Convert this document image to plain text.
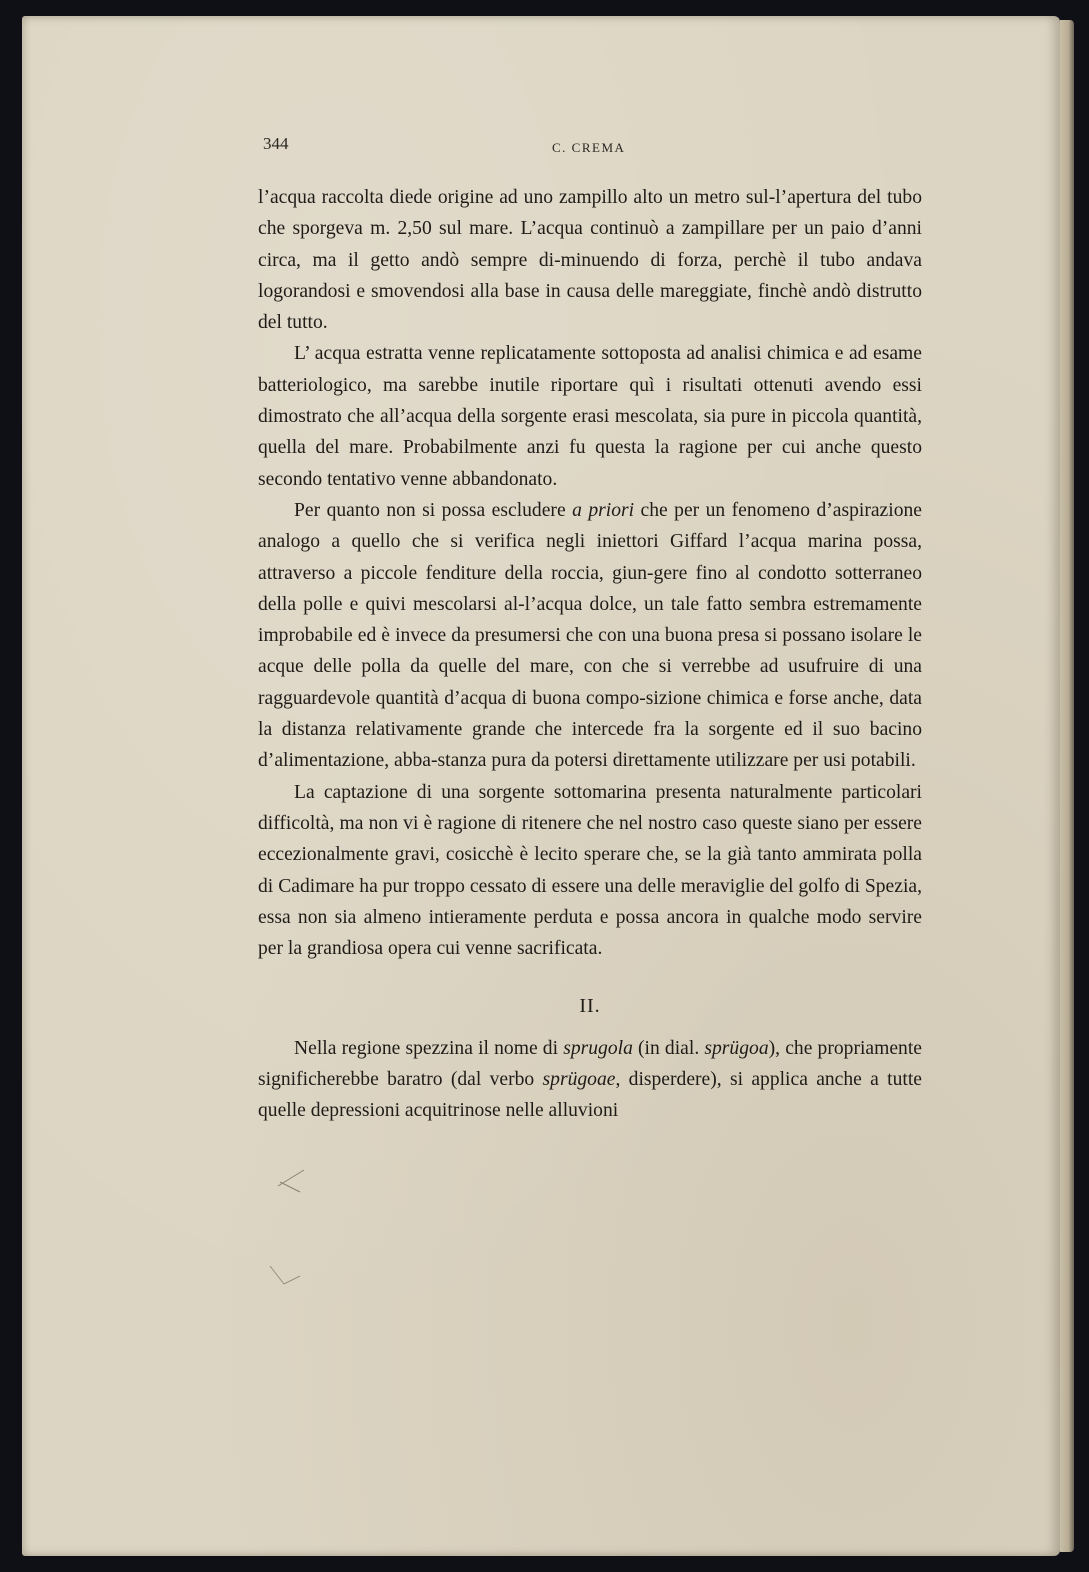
344	C. CREMA

l’acqua raccolta diede origine ad uno zampillo alto un metro sul-l’apertura del tubo che sporgeva m. 2,50 sul mare. L’acqua continuò a zampillare per un paio d’anni circa, ma il getto andò sempre di-minuendo di forza, perchè il tubo andava logorandosi e smovendosi alla base in causa delle mareggiate, finchè andò distrutto del tutto.

L’ acqua estratta venne replicatamente sottoposta ad analisi chimica e ad esame batteriologico, ma sarebbe inutile riportare quì i risultati ottenuti avendo essi dimostrato che all’acqua della sorgente erasi mescolata, sia pure in piccola quantità, quella del mare. Probabilmente anzi fu questa la ragione per cui anche questo secondo tentativo venne abbandonato.

Per quanto non si possa escludere a priori che per un fenomeno d’aspirazione analogo a quello che si verifica negli iniettori Giffard l’acqua marina possa, attraverso a piccole fenditure della roccia, giun-gere fino al condotto sotterraneo della polle e quivi mescolarsi al-l’acqua dolce, un tale fatto sembra estremamente improbabile ed è invece da presumersi che con una buona presa si possano isolare le acque delle polla da quelle del mare, con che si verrebbe ad usufruire di una ragguardevole quantità d’acqua di buona compo-sizione chimica e forse anche, data la distanza relativamente grande che intercede fra la sorgente ed il suo bacino d’alimentazione, abba-stanza pura da potersi direttamente utilizzare per usi potabili.

La captazione di una sorgente sottomarina presenta naturalmente particolari difficoltà, ma non vi è ragione di ritenere che nel nostro caso queste siano per essere eccezionalmente gravi, cosicchè è lecito sperare che, se la già tanto ammirata polla di Cadimare ha pur troppo cessato di essere una delle meraviglie del golfo di Spezia, essa non sia almeno intieramente perduta e possa ancora in qualche modo servire per la grandiosa opera cui venne sacrificata.

II.

Nella regione spezzina il nome di sprugola (in dial. sprügoa), che propriamente significherebbe baratro (dal verbo sprügoae, disperdere), si applica anche a tutte quelle depressioni acquitrinose nelle alluvioni
